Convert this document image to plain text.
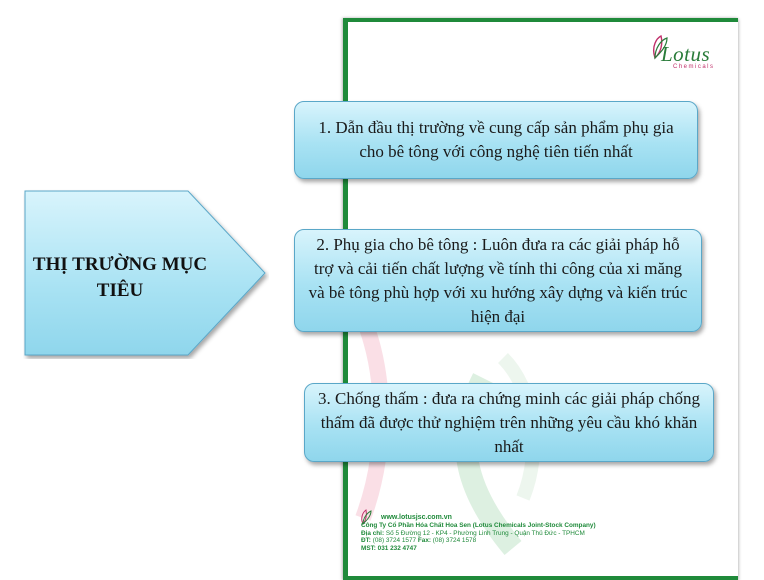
Lotus
Chemicals
www.lotusjsc.com.vn
Công Ty Cổ Phần Hóa Chất Hoa Sen (Lotus Chemicals Joint-Stock Company)
Địa chỉ: Số 5 Đường 12 - KP4 - Phường Linh Trung - Quận Thủ Đức - TPHCM
ĐT: (08) 3724 1577 Fax: (08) 3724 1578
MST: 031 232 4747
THỊ TRƯỜNG MỤC TIÊU
1. Dẫn đầu thị trường về cung cấp sản phẩm phụ gia cho bê tông với công nghệ tiên tiến nhất
2. Phụ gia cho bê tông : Luôn đưa ra các giải pháp hỗ trợ và cải tiến chất lượng về tính thi công của xi măng và bê tông phù hợp với xu hướng xây dựng và kiến trúc hiện đại
3. Chống thấm : đưa ra chứng minh các giải pháp chống thấm đã được thử nghiệm trên những yêu cầu khó khăn nhất
